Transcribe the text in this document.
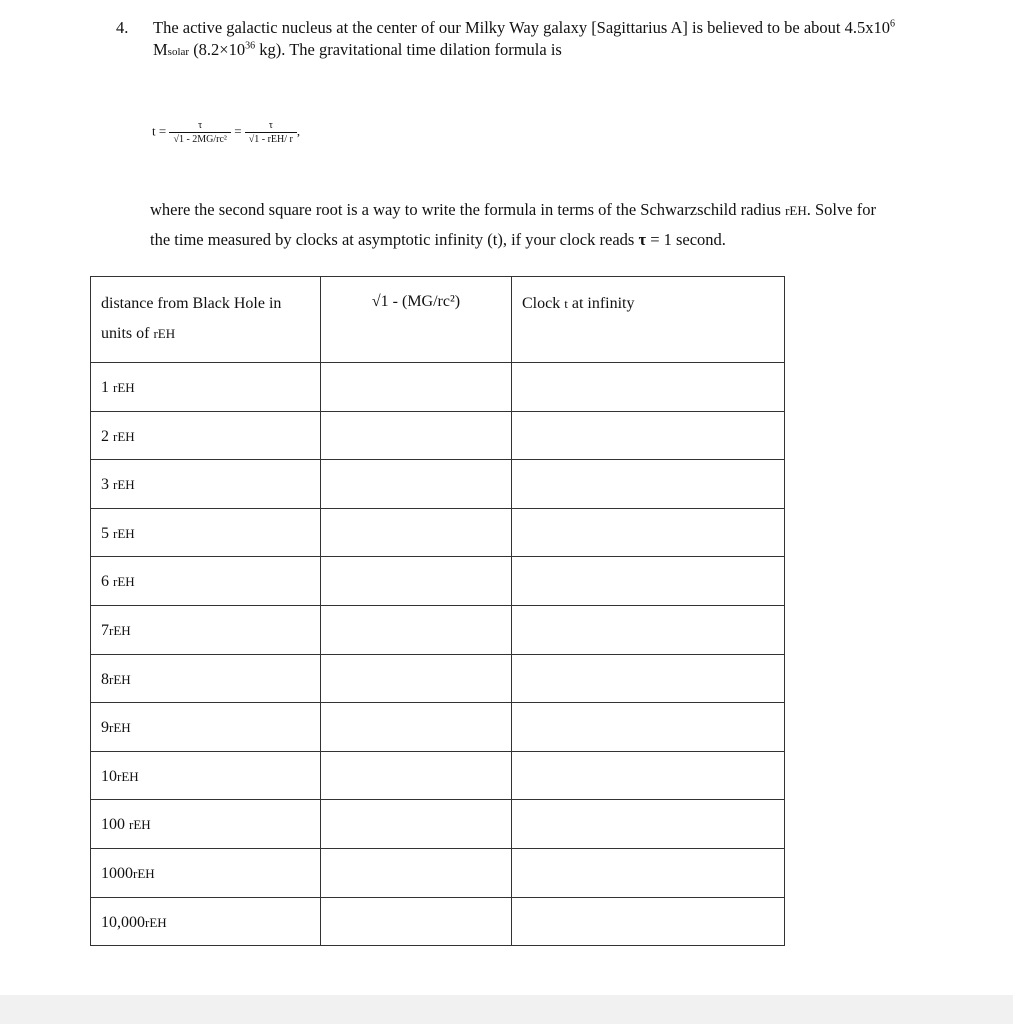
4. The active galactic nucleus at the center of our Milky Way galaxy [Sagittarius A] is believed to be about $4.5x10^6$
Msolar ($8.2\times 10^{36}$ kg). The gravitational time dilation formula is
$t = \frac{\tau}{\text{√1 - 2MG/rc²}} = \frac{\tau}{\text{√1 - rEH/ r}}$ ,
where the second square root is a way to write the formula in terms of the Schwarzschild radius rEH. Solve for
the time measured by clocks at asymptotic infinity (t), if your clock reads τ = 1 second.
distance from Black Hole in
units of rEH	√1 - (MG/rc²)	Clock t at infinity
1 rEH		
2 rEH		
3 rEH		
5 rEH		
6 rEH		
7rEH		
8rEH		
9rEH		
10rEH		
100 rEH		
1000rEH		
10,000rEH		
